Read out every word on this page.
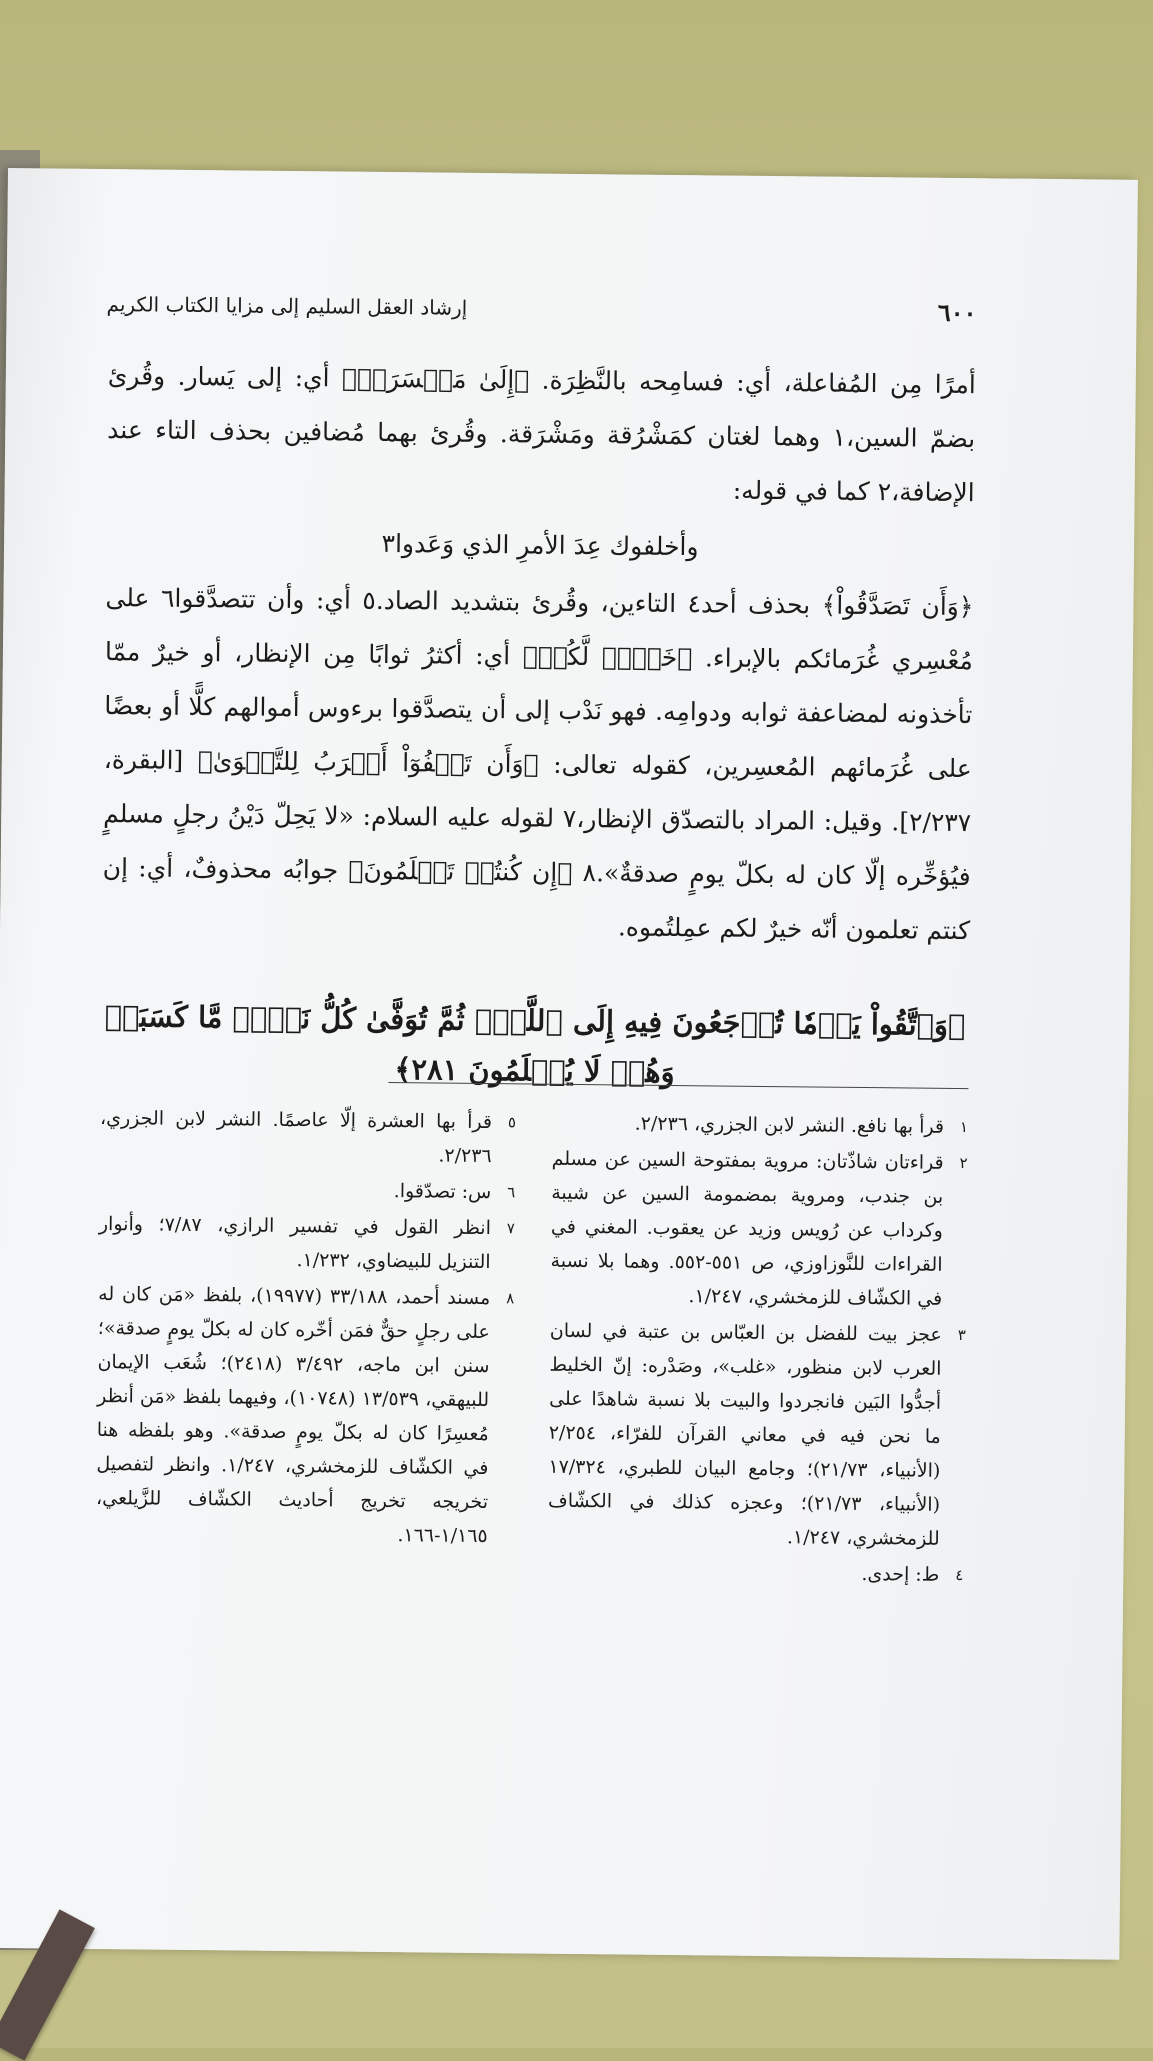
٦٠٠
إرشاد العقل السليم إلى مزايا الكتاب الكريم

أمرًا مِن المُفاعلة، أي: فسامِحه بالنَّظِرَة. ﴿إِلَىٰ مَيۡسَرَةٖ﴾ أي: إلى يَسار. وقُرئ بضمّ السين،١ وهما لغتان كمَشْرُقة ومَشْرَقة. وقُرئ بهما مُضافين بحذف التاء عند الإضافة،٢ كما في قوله:

وأخلفوك عِدَ الأمرِ الذي وَعَدوا٣

﴿وَأَن تَصَدَّقُواْ﴾ بحذف أحد٤ التاءين، وقُرئ بتشديد الصاد.٥ أي: وأن تتصدَّقوا٦ على مُعْسِري غُرَمائكم بالإبراء. ﴿خَيۡرٞ لَّكُمۡ﴾ أي: أكثرُ ثوابًا مِن الإنظار، أو خيرٌ ممّا تأخذونه لمضاعفة ثوابه ودوامِه. فهو نَدْب إلى أن يتصدَّقوا برءوس أموالهم كلًّا أو بعضًا على غُرَمائهم المُعسِرين، كقوله تعالى: ﴿وَأَن تَعۡفُوٓاْ أَقۡرَبُ لِلتَّقۡوَىٰ﴾ [البقرة، ٢/٢٣٧]. وقيل: المراد بالتصدّق الإنظار،٧ لقوله عليه السلام: «لا يَحِلّ دَيْنُ رجلٍ مسلمٍ فيُؤخِّره إلّا كان له بكلّ يومٍ صدقةٌ».٨ ﴿إِن كُنتُمۡ تَعۡلَمُونَ﴾ جوابُه محذوفٌ، أي: إن كنتم تعلمون أنّه خيرٌ لكم عمِلتُموه.

﴿وَٱتَّقُواْ يَوۡمٗا تُرۡجَعُونَ فِيهِ إِلَى ٱللَّهِۖ ثُمَّ تُوَفَّىٰ كُلُّ نَفۡسٖ مَّا كَسَبَتۡ وَهُمۡ لَا يُظۡلَمُونَ ٢٨١﴾
١
قرأ بها نافع. النشر لابن الجزري، ٢/٢٣٦.
٢
قراءتان شاذّتان: مروية بمفتوحة السين عن مسلم بن جندب، ومروية بمضمومة السين عن شيبة وكرداب عن رُويس وزيد عن يعقوب. المغني في القراءات للنَّوزاوزي، ص ٥٥١-٥٥٢. وهما بلا نسبة في الكشّاف للزمخشري، ١/٢٤٧.
٣
عجز بيت للفضل بن العبّاس بن عتبة في لسان العرب لابن منظور، «غلب»، وصَدْره: إنّ الخليط أجدُّوا البَين فانجردوا والبيت بلا نسبة شاهدًا على ما نحن فيه في معاني القرآن للفرّاء، ٢/٢٥٤ (الأنبياء، ٢١/٧٣)؛ وجامع البيان للطبري، ١٧/٣٢٤ (الأنبياء، ٢١/٧٣)؛ وعجزه كذلك في الكشّاف للزمخشري، ١/٢٤٧.
٤
ط: إحدى.
٥
قرأ بها العشرة إلّا عاصمًا. النشر لابن الجزري، ٢/٢٣٦.
٦
س: تصدّقوا.
٧
انظر القول في تفسير الرازي، ٧/٨٧؛ وأنوار التنزيل للبيضاوي، ١/٢٣٢.
٨
مسند أحمد، ٣٣/١٨٨ (١٩٩٧٧)، بلفظ «مَن كان له على رجلٍ حقٌّ فمَن أخّره كان له بكلّ يومٍ صدقة»؛ سنن ابن ماجه، ٣/٤٩٢ (٢٤١٨)؛ شُعَب الإيمان للبيهقي، ١٣/٥٣٩ (١٠٧٤٨)، وفيهما بلفظ «مَن أنظر مُعسِرًا كان له بكلّ يومٍ صدقة». وهو بلفظه هنا في الكشّاف للزمخشري، ١/٢٤٧. وانظر لتفصيل تخريجه تخريج أحاديث الكشّاف للزَّيلعي، ١/١٦٥-١٦٦.
